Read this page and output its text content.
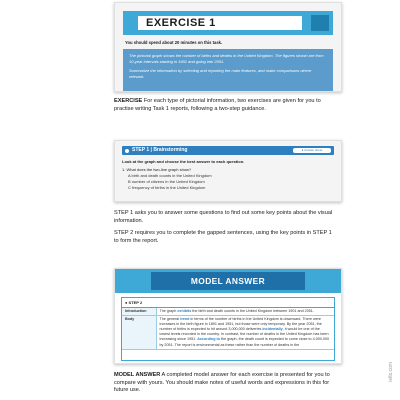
EXERCISE 1
You should spend about 20 minutes on this task.

The pictorial graph shows the number of births and deaths in the United Kingdom. The figures shown are from 10-year intervals starting in 1901 and going into 2051.

Summarize the information by selecting and reporting the main features, and make comparisons where relevant.

EXERCISE For each type of pictorial information, two exercises are given for you to practise writing Task 1 reports, following a two-step guidance.
STEP 1 | Brainstorming	● Answer sheet
Look at the graph and choose the best answer to each question.
1. What does the two-line graph show?
A birth and death counts in the United Kingdom
B number of citizens in the United Kingdom
C frequency of births in the United Kingdom
STEP 1 asks you to answer some questions to find out some key points about the visual information.
STEP 2 requires you to complete the gapped sentences, using the key points in STEP 1 to form the report.
MODEL ANSWER
● STEP 2
Introduction	The graph exhibits the birth and death counts in the United Kingdom between 1901 and 2051.
Body	The general trend in terms of the number of births in the United Kingdom is downward. There were increases in the birth figure in 1891 and 1951, but those were only temporary. By the year 2051, the number of births is expected to hit around 3,000,000 deliveries incidentally, it would be one of the lowest levels recorded in the country. In contrast, the number of deaths in the United Kingdom has been increasing since 1951. According to the graph, the death count is expected to come close to 4,000,000 by 2051. The report is environmental as these rather than the number of deaths in the
MODEL ANSWER A completed model answer for each exercise is presented for you to compare with yours. You should make notes of useful words and expressions in this for future use.
ielts.com
